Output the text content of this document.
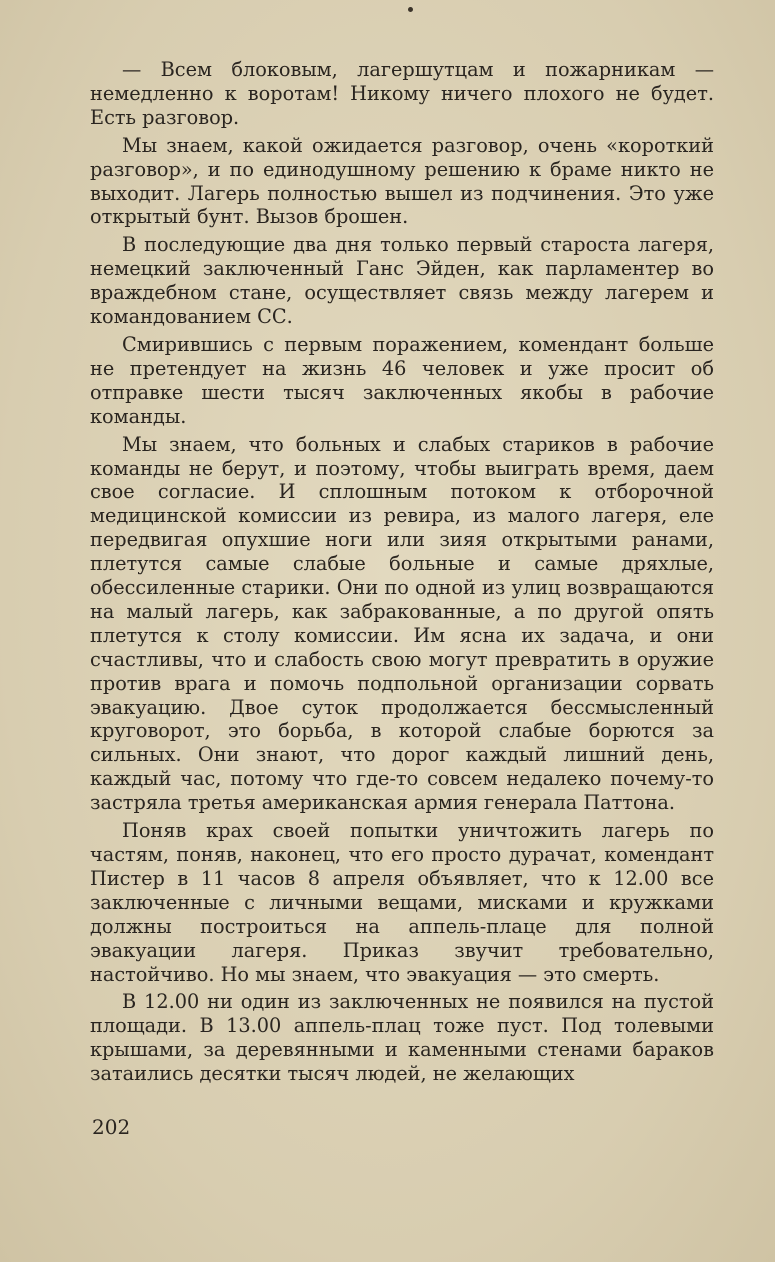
— Всем блоковым, лагершутцам и пожарникам — немедленно к воротам! Никому ничего плохого не будет. Есть разговор.

Мы знаем, какой ожидается разговор, очень «короткий разговор», и по единодушному решению к браме никто не выходит. Лагерь полностью вышел из подчинения. Это уже открытый бунт. Вызов брошен.

В последующие два дня только первый староста лагеря, немецкий заключенный Ганс Эйден, как парламентер во враждебном стане, осуществляет связь между лагерем и командованием СС.

Смирившись с первым поражением, комендант больше не претендует на жизнь 46 человек и уже просит об отправке шести тысяч заключенных якобы в рабочие команды.

Мы знаем, что больных и слабых стариков в рабочие команды не берут, и поэтому, чтобы выиграть время, даем свое согласие. И сплошным потоком к отборочной медицинской комиссии из ревира, из малого лагеря, еле передвигая опухшие ноги или зияя открытыми ранами, плетутся самые слабые больные и самые дряхлые, обессиленные старики. Они по одной из улиц возвращаются на малый лагерь, как забракованные, а по другой опять плетутся к столу комиссии. Им ясна их задача, и они счастливы, что и слабость свою могут превратить в оружие против врага и помочь подпольной организации сорвать эвакуацию. Двое суток продолжается бессмысленный круговорот, это борьба, в которой слабые борются за сильных. Они знают, что дорог каждый лишний день, каждый час, потому что где-то совсем недалеко почему-то застряла третья американская армия генерала Паттона.

Поняв крах своей попытки уничтожить лагерь по частям, поняв, наконец, что его просто дурачат, комендант Пистер в 11 часов 8 апреля объявляет, что к 12.00 все заключенные с личными вещами, мисками и кружками должны построиться на аппель-плаце для полной эвакуации лагеря. Приказ звучит требовательно, настойчиво. Но мы знаем, что эвакуация — это смерть.

В 12.00 ни один из заключенных не появился на пустой площади. В 13.00 аппель-плац тоже пуст. Под толевыми крышами, за деревянными и каменными стенами бараков затаились десятки тысяч людей, не желающих

202
